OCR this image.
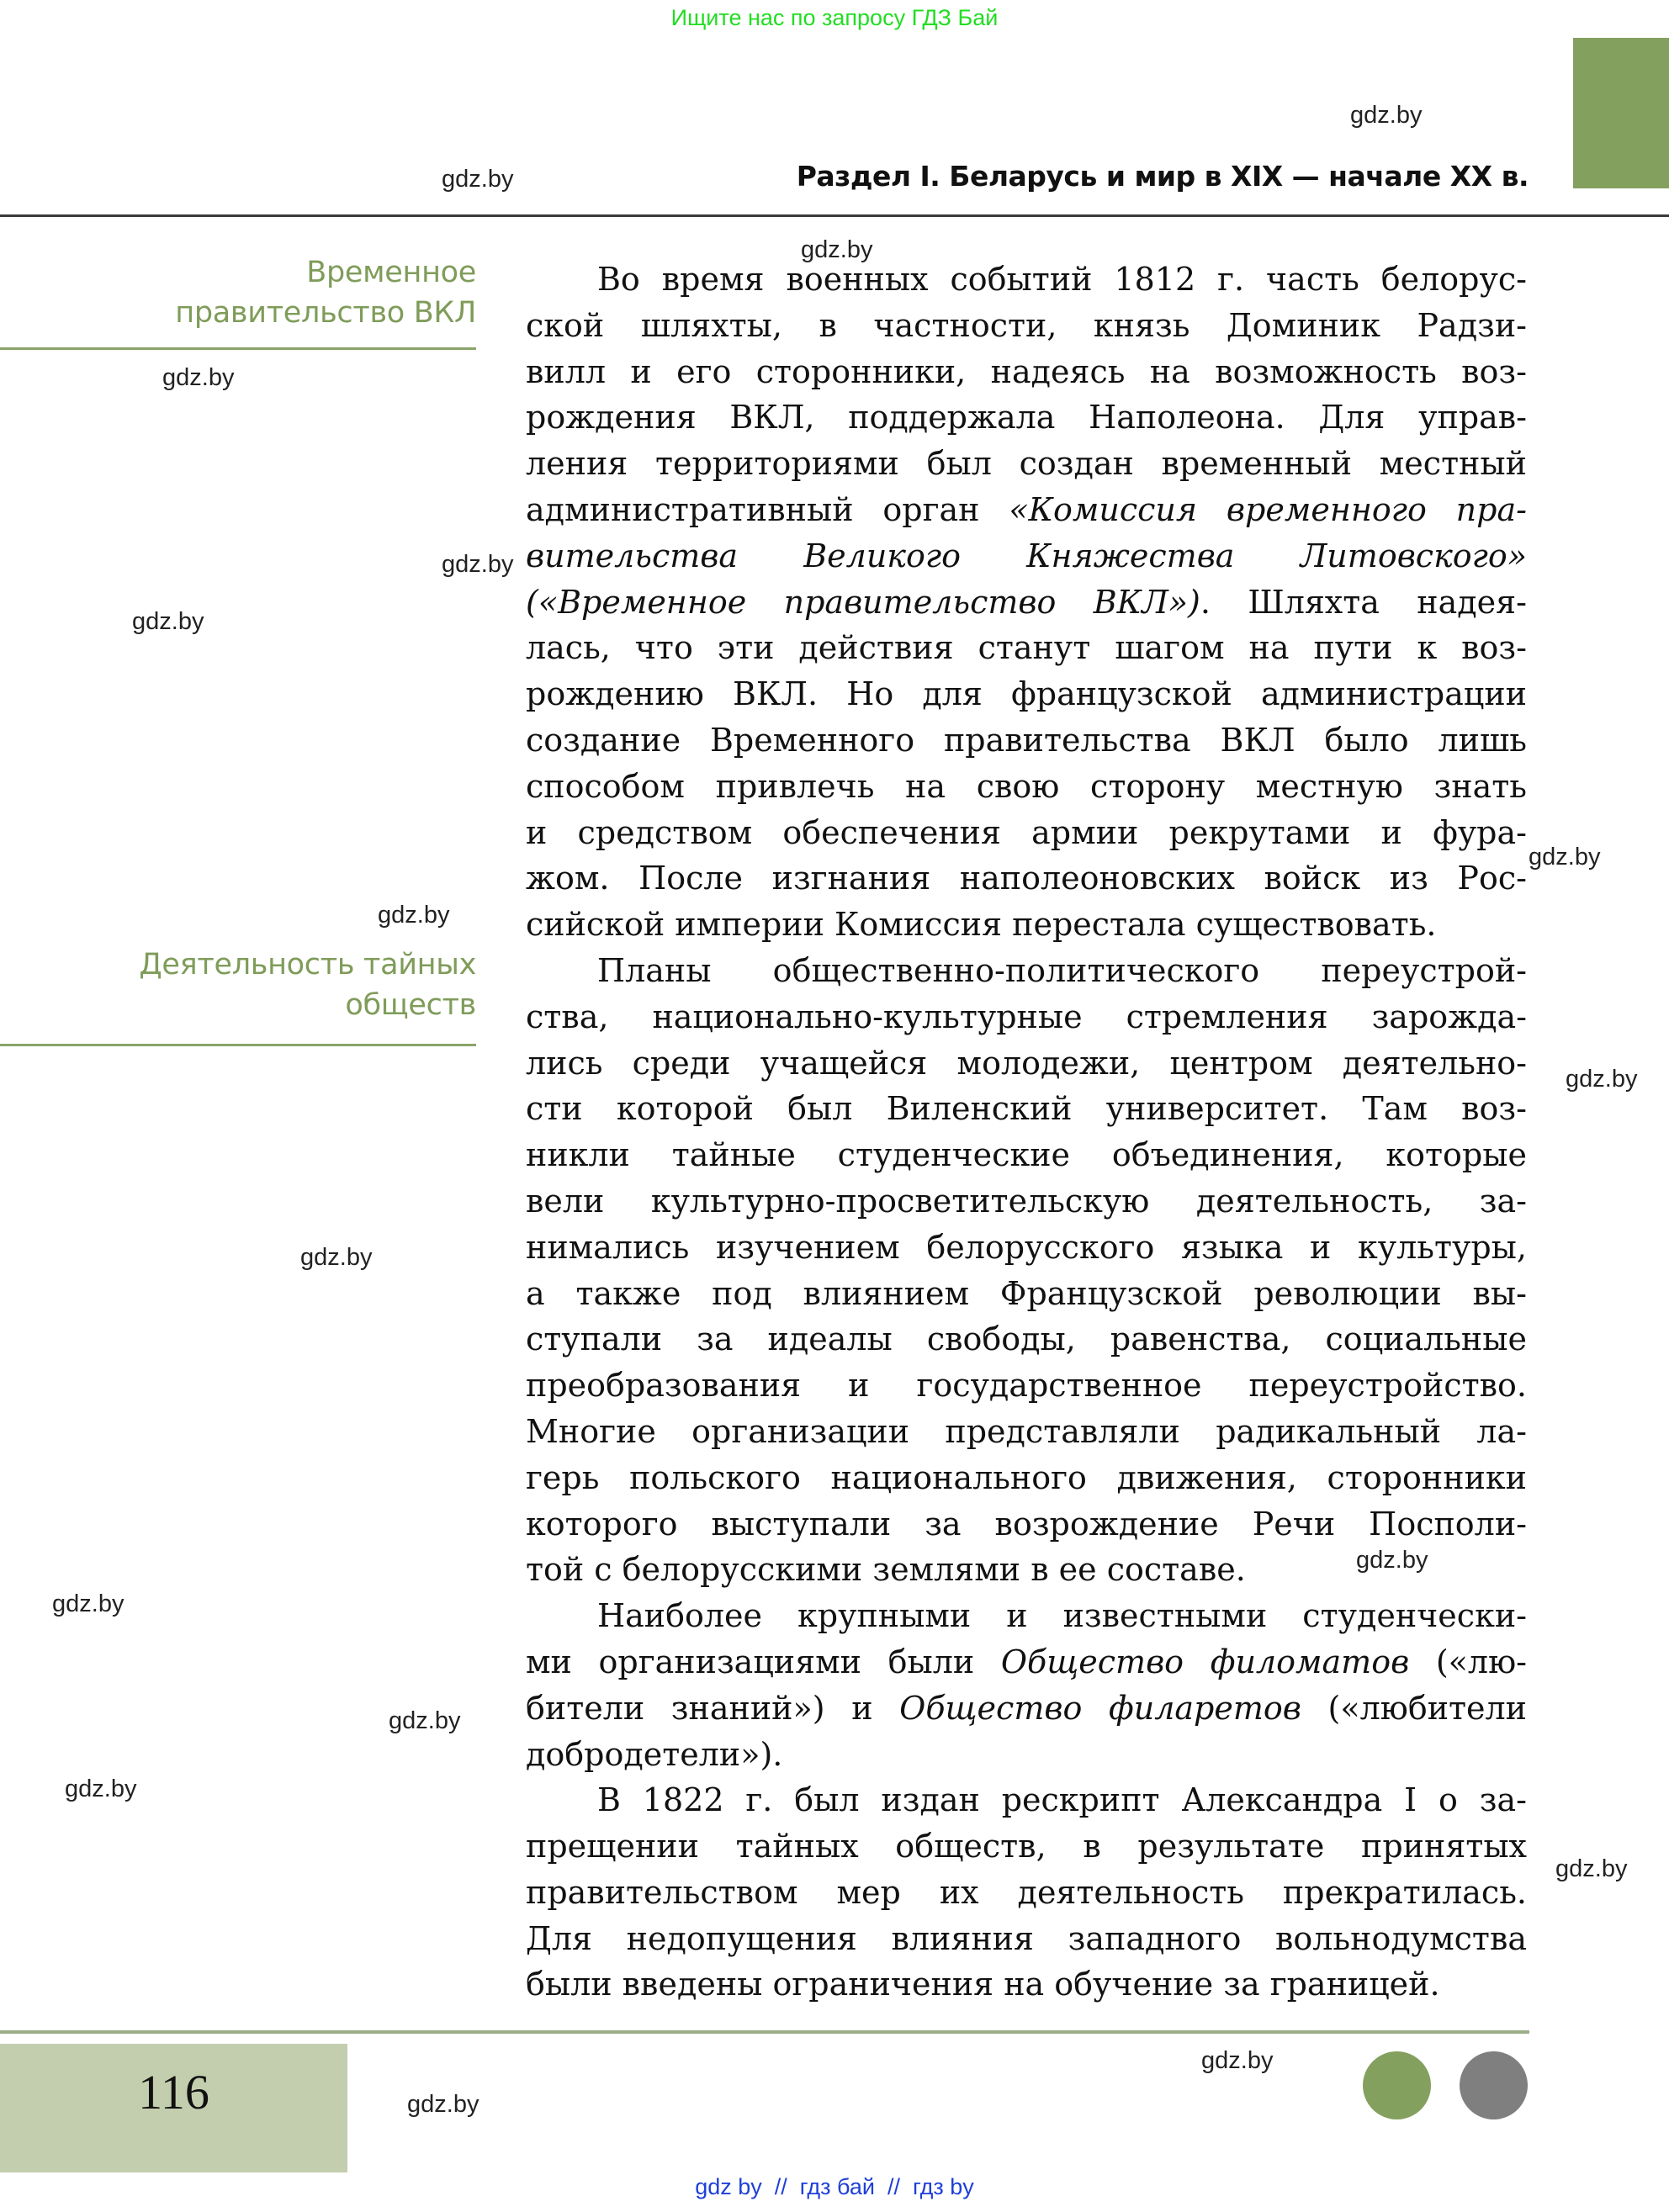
Ищите нас по запросу ГДЗ Бай
Раздел I. Беларусь и мир в XIX — начале XX в.
Временное
правительство ВКЛ
Деятельность тайных
обществ
Во время военных событий 1812 г. часть белорус-
ской шляхты, в частности, князь Доминик Радзи-
вилл и его сторонники, надеясь на возможность воз-
рождения ВКЛ, поддержала Наполеона. Для управ-
ления территориями был создан временный местный
административный орган «Комиссия временного пра-
вительства Великого Княжества Литовского»
(«Временное правительство ВКЛ»). Шляхта надея-
лась, что эти действия станут шагом на пути к воз-
рождению ВКЛ. Но для французской администрации
создание Временного правительства ВКЛ было лишь
способом привлечь на свою сторону местную знать
и средством обеспечения армии рекрутами и фура-
жом. После изгнания наполеоновских войск из Рос-
сийской империи Комиссия перестала существовать.
Планы общественно-политического переустрой-
ства, национально-культурные стремления зарожда-
лись среди учащейся молодежи, центром деятельно-
сти которой был Виленский университет. Там воз-
никли тайные студенческие объединения, которые
вели культурно-просветительскую деятельность, за-
нимались изучением белорусского языка и культуры,
а также под влиянием Французской революции вы-
ступали за идеалы свободы, равенства, социальные
преобразования и государственное переустройство.
Многие организации представляли радикальный ла-
герь польского национального движения, сторонники
которого выступали за возрождение Речи Посполи-
той с белорусскими землями в ее составе.
Наиболее крупными и известными студенчески-
ми организациями были Общество филоматов («лю-
бители знаний») и Общество филаретов («любители
добродетели»).
В 1822 г. был издан рескрипт Александра I о за-
прещении тайных обществ, в результате принятых
правительством мер их деятельность прекратилась.
Для недопущения влияния западного вольнодумства
были введены ограничения на обучение за границей.
gdz.by
gdz.by
gdz.by
gdz.by
gdz.by
gdz.by
gdz.by
gdz.by
gdz.by
gdz.by
gdz.by
gdz.by
gdz.by
gdz.by
gdz.by
gdz.by
gdz.by
116
gdz by  //  гдз бай  //  гдз by
